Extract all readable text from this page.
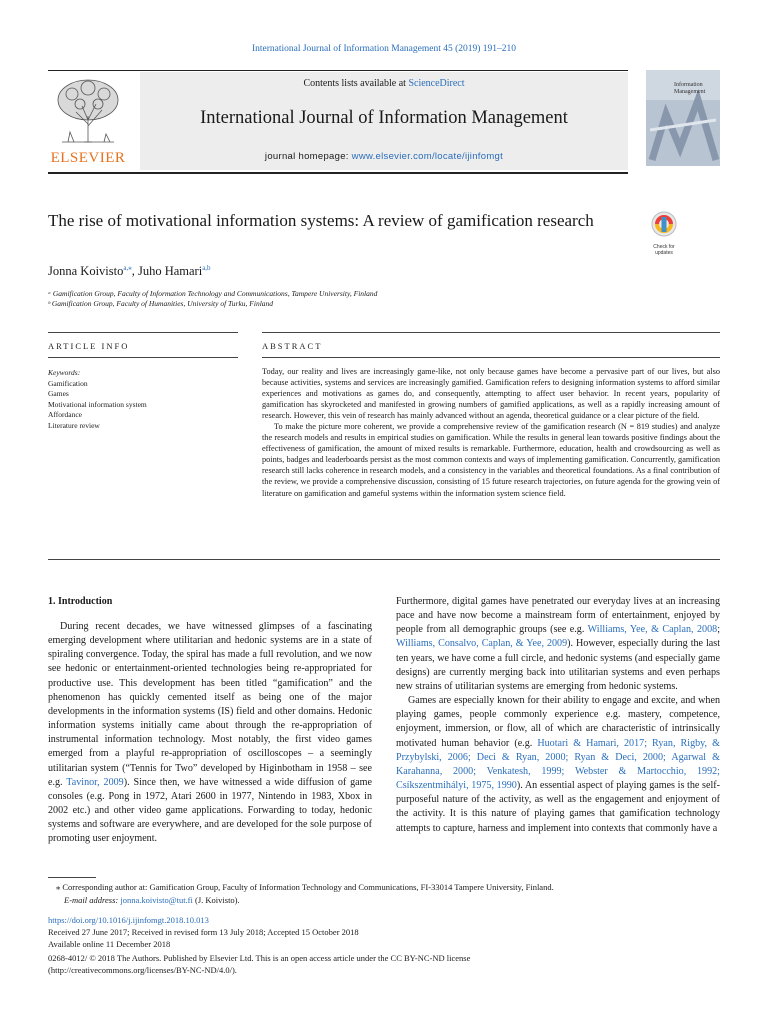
International Journal of Information Management 45 (2019) 191–210
ELSEVIER
Contents lists available at ScienceDirect
International Journal of Information Management
journal homepage: www.elsevier.com/locate/ijinfomgt
Information
Management
The rise of motivational information systems: A review of gamification research
Check for
updates
Jonna Koivisto$^{a,⁎}$, Juho Hamari$^{a,b}$
ᵃ Gamification Group, Faculty of Information Technology and Communications, Tampere University, Finland
ᵇ Gamification Group, Faculty of Humanities, University of Turku, Finland
ARTICLE INFO	ABSTRACT
Keywords:
Gamification
Games
Motivational information system
Affordance
Literature review

Today, our reality and lives are increasingly game-like, not only because games have become a pervasive part of our lives, but also because activities, systems and services are increasingly gamified. Gamification refers to designing information systems to afford similar experiences and motivations as games do, and consequently, attempting to affect user behavior. In recent years, popularity of gamification has skyrocketed and manifested in growing numbers of gamified applications, as well as a rapidly increasing amount of research. However, this vein of research has mainly advanced without an agenda, theoretical guidance or a clear picture of the field.

To make the picture more coherent, we provide a comprehensive review of the gamification research (N = 819 studies) and analyze the research models and results in empirical studies on gamification. While the results in general lean towards positive findings about the effectiveness of gamification, the amount of mixed results is remarkable. Furthermore, education, health and crowdsourcing as well as points, badges and leaderboards persist as the most common contexts and ways of implementing gamification. Concurrently, gamification research still lacks coherence in research models, and a consistency in the variables and theoretical foundations. As a final contribution of the review, we provide a comprehensive discussion, consisting of 15 future research trajectories, on future agenda for the growing vein of literature on gamification and gameful systems within the information system science field.

1. Introduction

During recent decades, we have witnessed glimpses of a fascinating emerging development where utilitarian and hedonic systems are in a state of spiraling convergence. Today, the spiral has made a full revolution, and we now see hedonic or entertainment-oriented technologies being re-appropriated for productive use. This development has been titled “gamification” and the phenomenon has quickly cemented itself as being one of the major developments in the information systems (IS) field and other domains. Hedonic information systems initially came about through the re-appropriation of instrumental information technology. Most notably, the first video games emerged from a playful re-appropriation of oscilloscopes – a seemingly utilitarian system (“Tennis for Two” developed by Higinbotham in 1958 – see e.g. Tavinor, 2009). Since then, we have witnessed a wide diffusion of game consoles (e.g. Pong in 1972, Atari 2600 in 1977, Nintendo in 1983, Xbox in 2002 etc.) and other video game applications. Forwarding to today, hedonic systems and software are everywhere, and are developed for the sole purpose of promoting user enjoyment.

Furthermore, digital games have penetrated our everyday lives at an increasing pace and have now become a mainstream form of entertainment, enjoyed by people from all demographic groups (see e.g. Williams, Yee, & Caplan, 2008; Williams, Consalvo, Caplan, & Yee, 2009). However, especially during the last ten years, we have come a full circle, and hedonic systems (and especially game designs) are currently merging back into utilitarian systems and even perhaps new strains of utilitarian systems are emerging from hedonic systems.

Games are especially known for their ability to engage and excite, and when playing games, people commonly experience e.g. mastery, competence, enjoyment, immersion, or flow, all of which are characteristic of intrinsically motivated human behavior (e.g. Huotari & Hamari, 2017; Ryan, Rigby, & Przybylski, 2006; Deci & Ryan, 2000; Ryan & Deci, 2000; Agarwal & Karahanna, 2000; Venkatesh, 1999; Webster & Martocchio, 1992; Csíkszentmihályi, 1975, 1990). An essential aspect of playing games is the self-purposeful nature of the activity, as well as the engagement and enjoyment of the activity. It is this nature of playing games that gamification technology attempts to capture, harness and implement into contexts that commonly have a

⁎ Corresponding author at: Gamification Group, Faculty of Information Technology and Communications, FI-33014 Tampere University, Finland.
E-mail address: jonna.koivisto@tut.fi (J. Koivisto).
https://doi.org/10.1016/j.ijinfomgt.2018.10.013
Received 27 June 2017; Received in revised form 13 July 2018; Accepted 15 October 2018
Available online 11 December 2018
0268-4012/ © 2018 The Authors. Published by Elsevier Ltd. This is an open access article under the CC BY-NC-ND license
(http://creativecommons.org/licenses/BY-NC-ND/4.0/).
